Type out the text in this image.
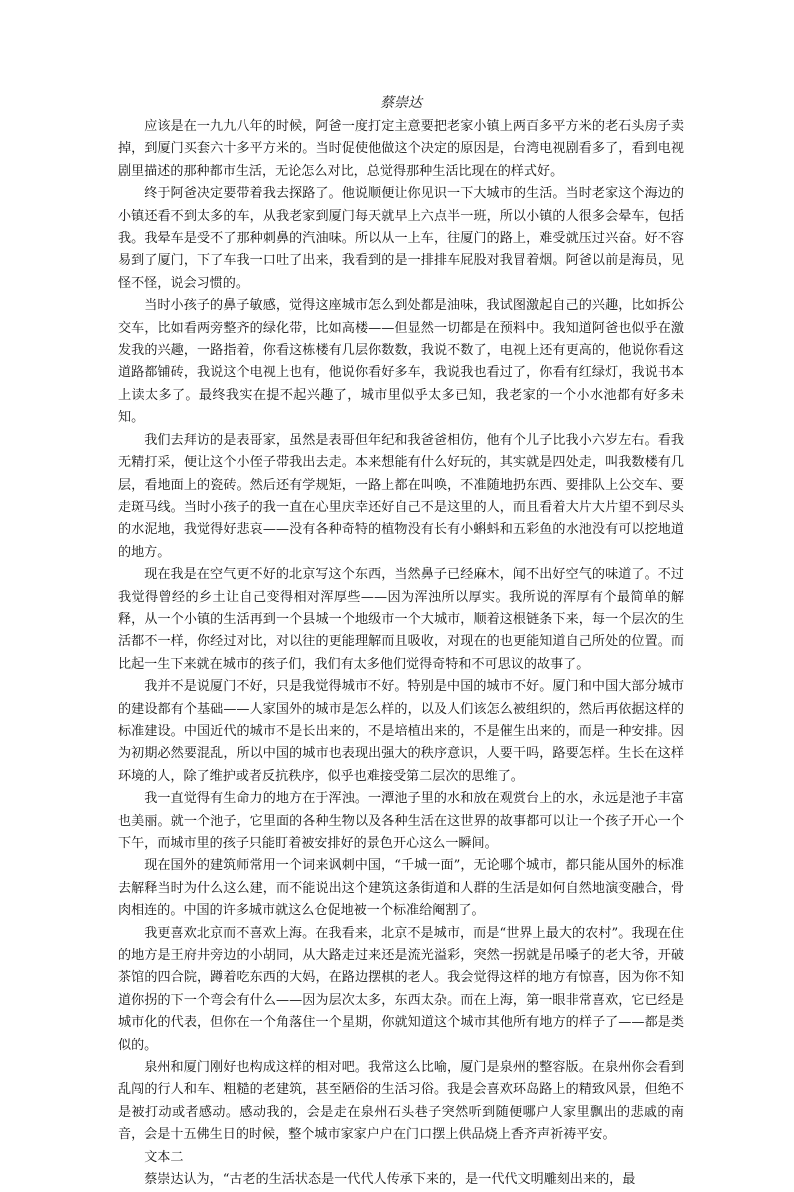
蔡崇达

应该是在一九九八年的时候，阿爸一度打定主意要把老家小镇上两百多平方米的老石头房子卖掉，到厦门买套六十多平方米的。当时促使他做这个决定的原因是，台湾电视剧看多了，看到电视剧里描述的那种都市生活，无论怎么对比，总觉得那种生活比现在的样式好。

终于阿爸决定要带着我去探路了。他说顺便让你见识一下大城市的生活。当时老家这个海边的小镇还看不到太多的车，从我老家到厦门每天就早上六点半一班，所以小镇的人很多会晕车，包括我。我晕车是受不了那种刺鼻的汽油味。所以从一上车，往厦门的路上，难受就压过兴奋。好不容易到了厦门，下了车我一口吐了出来，我看到的是一排排车屁股对我冒着烟。阿爸以前是海员，见怪不怪，说会习惯的。

当时小孩子的鼻子敏感，觉得这座城市怎么到处都是油味，我试图激起自己的兴趣，比如拆公交车，比如看两旁整齐的绿化带，比如高楼——但显然一切都是在预料中。我知道阿爸也似乎在激发我的兴趣，一路指着，你看这栋楼有几层你数数，我说不数了，电视上还有更高的，他说你看这道路都铺砖，我说这个电视上也有，他说你看好多车，我说我也看过了，你看有红绿灯，我说书本上读太多了。最终我实在提不起兴趣了，城市里似乎太多已知，我老家的一个小水池都有好多未知。

我们去拜访的是表哥家，虽然是表哥但年纪和我爸爸相仿，他有个儿子比我小六岁左右。看我无精打采，便让这个小侄子带我出去走。本来想能有什么好玩的，其实就是四处走，叫我数楼有几层，看地面上的瓷砖。然后还有学规矩，一路上都在叫唤，不准随地扔东西、要排队上公交车、要走斑马线。当时小孩子的我一直在心里庆幸还好自己不是这里的人，而且看着大片大片望不到尽头的水泥地，我觉得好悲哀——没有各种奇特的植物没有长有小蝌蚪和五彩鱼的水池没有可以挖地道的地方。

现在我是在空气更不好的北京写这个东西，当然鼻子已经麻木，闻不出好空气的味道了。不过我觉得曾经的乡土让自己变得相对浑厚些——因为浑浊所以厚实。我所说的浑厚有个最简单的解释，从一个小镇的生活再到一个县城一个地级市一个大城市，顺着这根链条下来，每一个层次的生活都不一样，你经过对比，对以往的更能理解而且吸收，对现在的也更能知道自己所处的位置。而比起一生下来就在城市的孩子们，我们有太多他们觉得奇特和不可思议的故事了。

我并不是说厦门不好，只是我觉得城市不好。特别是中国的城市不好。厦门和中国大部分城市的建设都有个基础——人家国外的城市是怎么样的，以及人们该怎么被组织的，然后再依据这样的标准建设。中国近代的城市不是长出来的，不是培植出来的，不是催生出来的，而是一种安排。因为初期必然要混乱，所以中国的城市也表现出强大的秩序意识，人要干吗，路要怎样。生长在这样环境的人，除了维护或者反抗秩序，似乎也难接受第二层次的思维了。

我一直觉得有生命力的地方在于浑浊。一潭池子里的水和放在观赏台上的水，永远是池子丰富也美丽。就一个池子，它里面的各种生物以及各种生活在这世界的故事都可以让一个孩子开心一个下午，而城市里的孩子只能盯着被安排好的景色开心这么一瞬间。

现在国外的建筑师常用一个词来讽刺中国，“千城一面”，无论哪个城市，都只能从国外的标准去解释当时为什么这么建，而不能说出这个建筑这条街道和人群的生活是如何自然地演变融合，骨肉相连的。中国的许多城市就这么仓促地被一个标准给阉割了。

我更喜欢北京而不喜欢上海。在我看来，北京不是城市，而是“世界上最大的农村”。我现在住的地方是王府井旁边的小胡同，从大路走过来还是流光溢彩，突然一拐就是吊嗓子的老大爷，开破茶馆的四合院，蹲着吃东西的大妈，在路边摆棋的老人。我会觉得这样的地方有惊喜，因为你不知道你拐的下一个弯会有什么——因为层次太多，东西太杂。而在上海，第一眼非常喜欢，它已经是城市化的代表，但你在一个角落住一个星期，你就知道这个城市其他所有地方的样子了——都是类似的。

泉州和厦门刚好也构成这样的相对吧。我常这么比喻，厦门是泉州的整容版。在泉州你会看到乱闯的行人和车、粗糙的老建筑，甚至陋俗的生活习俗。我是会喜欢环岛路上的精致风景，但绝不是被打动或者感动。感动我的，会是走在泉州石头巷子突然听到随便哪户人家里飘出的悲戚的南音，会是十五佛生日的时候，整个城市家家户户在门口摆上供品烧上香齐声祈祷平安。

文本二

蔡崇达认为，“古老的生活状态是一代代人传承下来的，是一代代文明雕刻出来的，最
